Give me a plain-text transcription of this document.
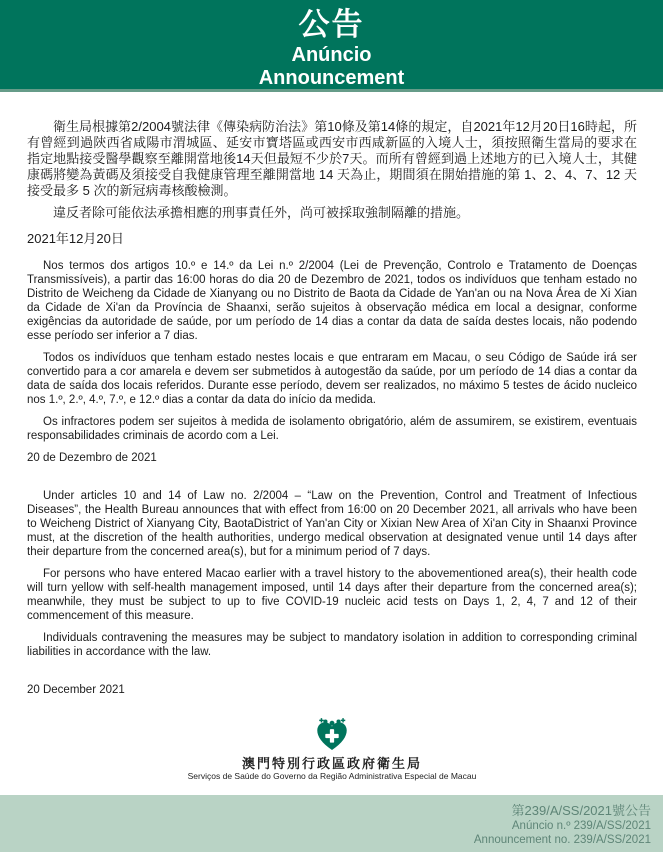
公告
Anúncio
Announcement

衛生局根據第2/2004號法律《傳染病防治法》第10條及第14條的規定，自2021年12月20日16時起，所有曾經到過陝西省咸陽市渭城區、延安市寶塔區或西安市西咸新區的入境人士，須按照衛生當局的要求在指定地點接受醫學觀察至離開當地後14天但最短不少於7天。而所有曾經到過上述地方的已入境人士，其健康碼將變為黃碼及須接受自我健康管理至離開當地 14 天為止，期間須在開始措施的第 1、2、4、7、12 天接受最多 5 次的新冠病毒核酸檢測。

違反者除可能依法承擔相應的刑事責任外，尚可被採取強制隔離的措施。

2021年12月20日

Nos termos dos artigos 10.º e 14.º da Lei n.º 2/2004 (Lei de Prevenção, Controlo e Tratamento de Doenças Transmissíveis), a partir das 16:00 horas do dia 20 de Dezembro de 2021, todos os indivíduos que tenham estado no Distrito de Weicheng da Cidade de Xianyang ou no Distrito de Baota da Cidade de Yan'an ou na Nova Área de Xi Xian da Cidade de Xi'an da Província de Shaanxi, serão sujeitos à observação médica em local a designar, conforme exigências da autoridade de saúde, por um período de 14 dias a contar da data de saída destes locais, não podendo esse período ser inferior a 7 dias.

Todos os indivíduos que tenham estado nestes locais e que entraram em Macau, o seu Código de Saúde irá ser convertido para a cor amarela e devem ser submetidos à autogestão da saúde, por um período de 14 dias a contar da data de saída dos locais referidos. Durante esse período, devem ser realizados, no máximo 5 testes de ácido nucleico nos 1.º, 2.º, 4.º, 7.º, e 12.º dias a contar da data do início da medida.

Os infractores podem ser sujeitos à medida de isolamento obrigatório, além de assumirem, se existirem, eventuais responsabilidades criminais de acordo com a Lei.

20 de Dezembro de 2021

Under articles 10 and 14 of Law no. 2/2004 – “Law on the Prevention, Control and Treatment of Infectious Diseases”, the Health Bureau announces that with effect from 16:00 on 20 December 2021, all arrivals who have been to Weicheng District of Xianyang City, BaotaDistrict of Yan'an City or Xixian New Area of Xi'an City in Shaanxi Province must, at the discretion of the health authorities, undergo medical observation at designated venue until 14 days after their departure from the concerned area(s), but for a minimum period of 7 days.

For persons who have entered Macao earlier with a travel history to the abovementioned area(s), their health code will turn yellow with self-health management imposed, until 14 days after their departure from the concerned area(s); meanwhile, they must be subject to up to five COVID-19 nucleic acid tests on Days 1, 2, 4, 7 and 12 of their commencement of this measure.

Individuals contravening the measures may be subject to mandatory isolation in addition to corresponding criminal liabilities in accordance with the law.

20 December 2021

澳門特別行政區政府衛生局
Serviços de Saúde do Governo da Região Administrativa Especial de Macau
第239/A/SS/2021號公告
Anúncio n.º 239/A/SS/2021
Announcement no. 239/A/SS/2021
